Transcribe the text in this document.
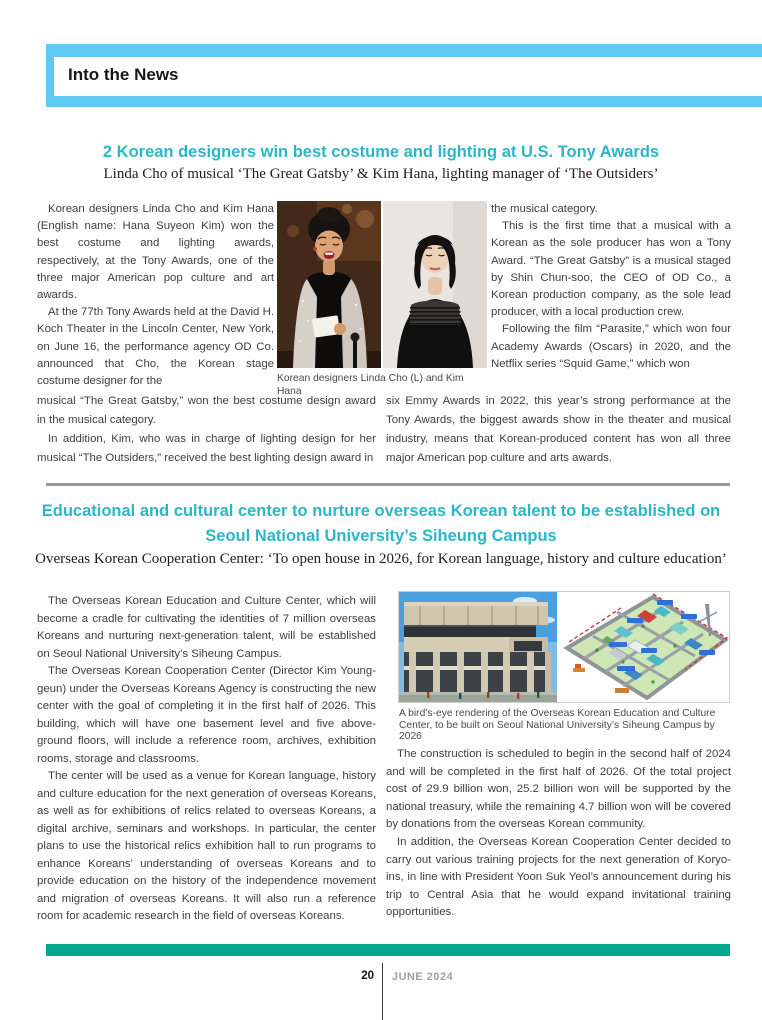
Into the News
2 Korean designers win best costume and lighting at U.S. Tony Awards
Linda Cho of musical ‘The Great Gatsby’ & Kim Hana, lighting manager of ‘The Outsiders’

Korean designers Linda Cho and Kim Hana (English name: Hana Suyeon Kim) won the best costume and lighting awards, respectively, at the Tony Awards, one of the three major American pop culture and art awards.

At the 77th Tony Awards held at the David H. Koch Theater in the Lincoln Center, New York, on June 16, the performance agency OD Co. announced that Cho, the Korean stage costume designer for the	Korean designers Linda Cho (L) and Kim Hana

the musical category.

This is the first time that a musical with a Korean as the sole producer has won a Tony Award. “The Great Gatsby” is a musical staged by Shin Chun-soo, the CEO of OD Co., a Korean production company, as the sole lead producer, with a local production crew.

Following the film “Parasite,” which won four Academy Awards (Oscars) in 2020, and the Netflix series “Squid Game,” which won

musical “The Great Gatsby,” won the best costume design award in the musical category.

In addition, Kim, who was in charge of lighting design for her musical “The Outsiders,” received the best lighting design award in

six Emmy Awards in 2022, this year’s strong performance at the Tony Awards, the biggest awards show in the theater and musical industry, means that Korean-produced content has won all three major American pop culture and arts awards.

Educational and cultural center to nurture overseas Korean talent to be established on
Seoul National University’s Siheung Campus
Overseas Korean Cooperation Center: ‘To open house in 2026, for Korean language, history and culture education’

The Overseas Korean Education and Culture Center, which will become a cradle for cultivating the identities of 7 million overseas Koreans and nurturing next-generation talent, will be established on Seoul National University’s Siheung Campus.

The Overseas Korean Cooperation Center (Director Kim Young-geun) under the Overseas Koreans Agency is constructing the new center with the goal of completing it in the first half of 2026. This building, which will have one basement level and five above-ground floors, will include a reference room, archives, exhibition rooms, storage and classrooms.

The center will be used as a venue for Korean language, history and culture education for the next generation of overseas Koreans, as well as for exhibitions of relics related to overseas Koreans, a digital archive, seminars and workshops. In particular, the center plans to use the historical relics exhibition hall to run programs to enhance Koreans’ understanding of overseas Koreans and to provide education on the history of the independence movement and migration of overseas Koreans. It will also run a reference room for academic research in the field of overseas Koreans.

A bird’s-eye rendering of the Overseas Korean Education and Culture Center, to be built on Seoul National University’s Siheung Campus by 2026

The construction is scheduled to begin in the second half of 2024 and will be completed in the first half of 2026. Of the total project cost of 29.9 billion won, 25.2 billion won will be supported by the national treasury, while the remaining 4.7 billion won will be covered by donations from the overseas Korean community.

In addition, the Overseas Korean Cooperation Center decided to carry out various training projects for the next generation of Koryo-ins, in line with President Yoon Suk Yeol’s announcement during his trip to Central Asia that he would expand invitational training opportunities.

20 JUNE 2024
